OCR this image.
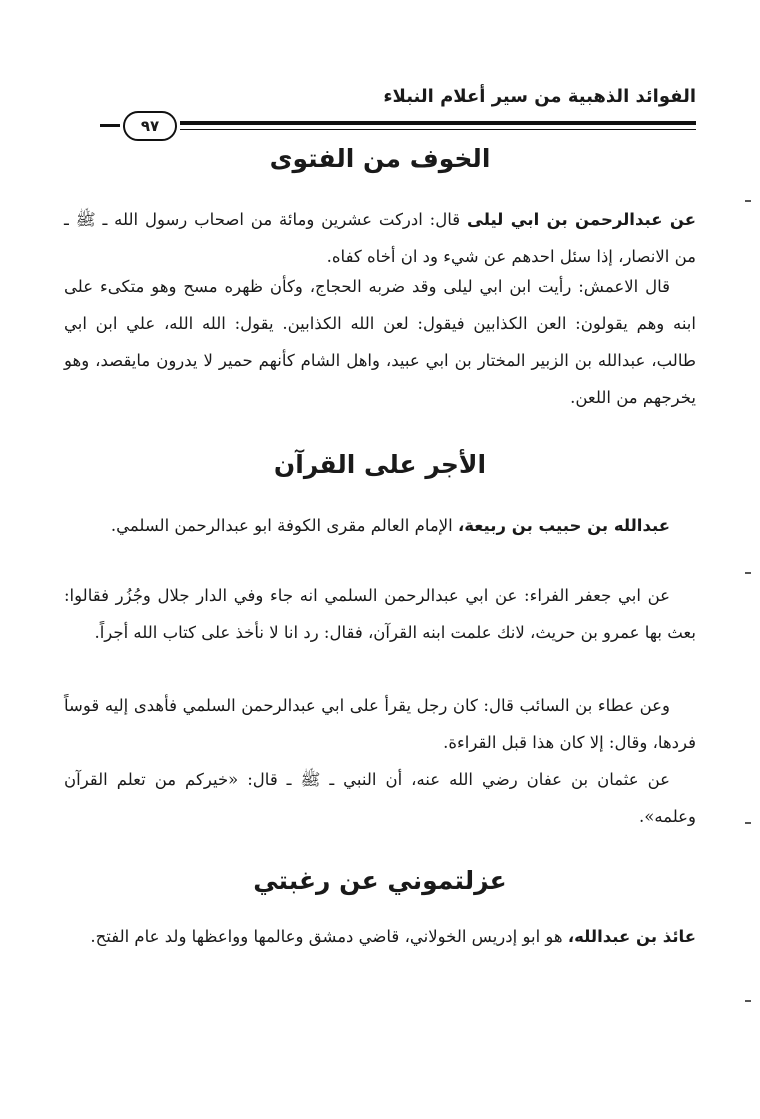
الفوائد الذهبية من سير أعلام النبلاء
٩٧
الخوف من الفتوى
عن عبدالرحمن بن ابي ليلى قال: ادركت عشرين ومائة من اصحاب رسول الله ـ ﷺ ـ من الانصار، إذا سئل احدهم عن شيء ود ان أخاه كفاه.
قال الاعمش: رأيت ابن ابي ليلى وقد ضربه الحجاج، وكأن ظهره مسح وهو متكىء على ابنه وهم يقولون: العن الكذابين فيقول: لعن الله الكذابين. يقول: الله الله، علي ابن ابي طالب، عبدالله بن الزبير المختار بن ابي عبيد، واهل الشام كأنهم حمير لا يدرون مايقصد، وهو يخرجهم من اللعن.
الأجر على القرآن
عبدالله بن حبيب بن ربيعة، الإمام العالم مقرى الكوفة ابو عبدالرحمن السلمي.
عن ابي جعفر الفراء: عن ابي عبدالرحمن السلمي انه جاء وفي الدار جلال وجُزُر فقالوا: بعث بها عمرو بن حريث، لانك علمت ابنه القرآن، فقال: رد انا لا نأخذ على كتاب الله أجراً.
وعن عطاء بن السائب قال: كان رجل يقرأ على ابي عبدالرحمن السلمي فأهدى إليه قوساً فردها، وقال: إلا كان هذا قبل القراءة.
عن عثمان بن عفان رضي الله عنه، أن النبي ـ ﷺ ـ قال: «خيركم من تعلم القرآن وعلمه».
عزلتموني عن رغبتي
عائذ بن عبدالله، هو ابو إدريس الخولاني، قاضي دمشق وعالمها وواعظها ولد عام الفتح.
